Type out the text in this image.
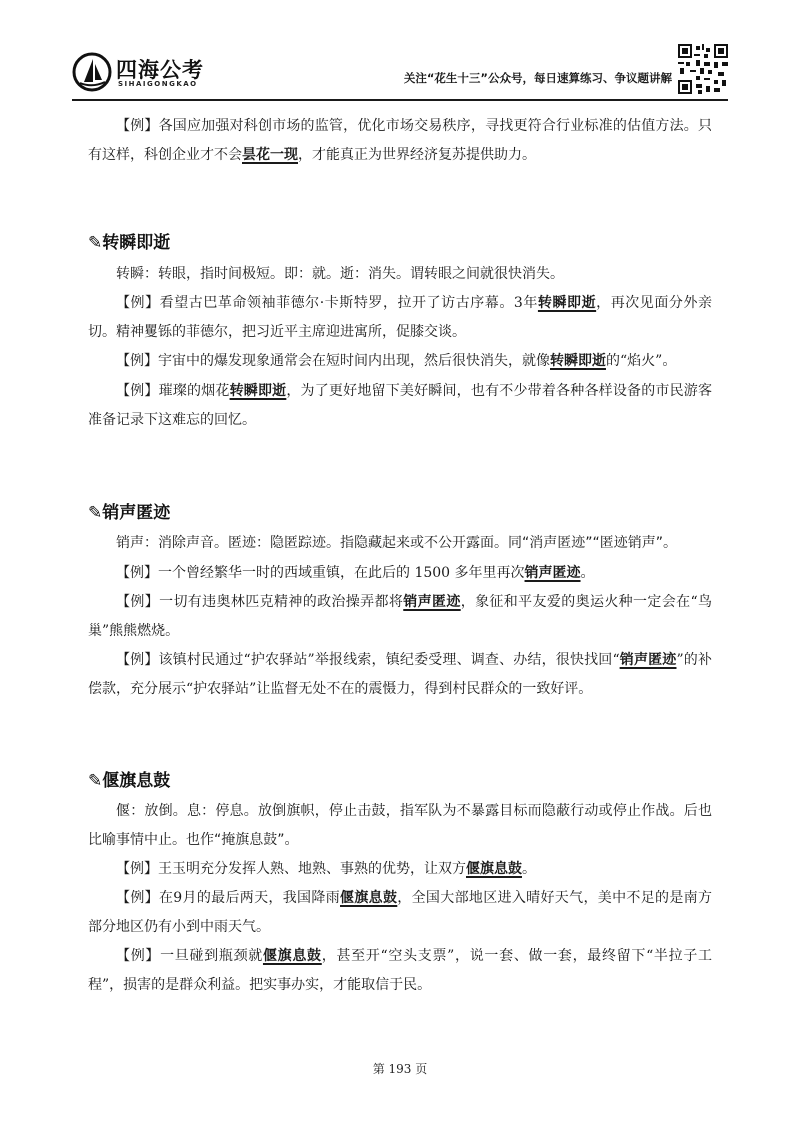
四海公考
SIHAIGONGKAO	关注“花生十三”公众号，每日速算练习、争议题讲解

【例】各国应加强对科创市场的监管，优化市场交易秩序，寻找更符合行业标准的估值方法。只有这样，科创企业才不会昙花一现，才能真正为世界经济复苏提供助力。

✎转瞬即逝

转瞬：转眼，指时间极短。即：就。逝：消失。谓转眼之间就很快消失。

【例】看望古巴革命领袖菲德尔·卡斯特罗，拉开了访古序幕。3年转瞬即逝，再次见面分外亲切。精神矍铄的菲德尔，把习近平主席迎进寓所，促膝交谈。

【例】宇宙中的爆发现象通常会在短时间内出现，然后很快消失，就像转瞬即逝的“焰火”。

【例】璀璨的烟花转瞬即逝，为了更好地留下美好瞬间，也有不少带着各种各样设备的市民游客准备记录下这难忘的回忆。

✎销声匿迹

销声：消除声音。匿迹：隐匿踪迹。指隐藏起来或不公开露面。同“消声匿迹”“匿迹销声”。

【例】一个曾经繁华一时的西域重镇，在此后的 1500 多年里再次销声匿迹。

【例】一切有违奥林匹克精神的政治操弄都将销声匿迹，象征和平友爱的奥运火种一定会在“鸟巢”熊熊燃烧。

【例】该镇村民通过“护农驿站”举报线索，镇纪委受理、调查、办结，很快找回“销声匿迹”的补偿款，充分展示“护农驿站”让监督无处不在的震慑力，得到村民群众的一致好评。

✎偃旗息鼓

偃：放倒。息：停息。放倒旗帜，停止击鼓，指军队为不暴露目标而隐蔽行动或停止作战。后也比喻事情中止。也作“掩旗息鼓”。

【例】王玉明充分发挥人熟、地熟、事熟的优势，让双方偃旗息鼓。

【例】在9月的最后两天，我国降雨偃旗息鼓，全国大部地区进入晴好天气，美中不足的是南方部分地区仍有小到中雨天气。

【例】一旦碰到瓶颈就偃旗息鼓，甚至开“空头支票”，说一套、做一套，最终留下“半拉子工程”，损害的是群众利益。把实事办实，才能取信于民。

第 193 页
